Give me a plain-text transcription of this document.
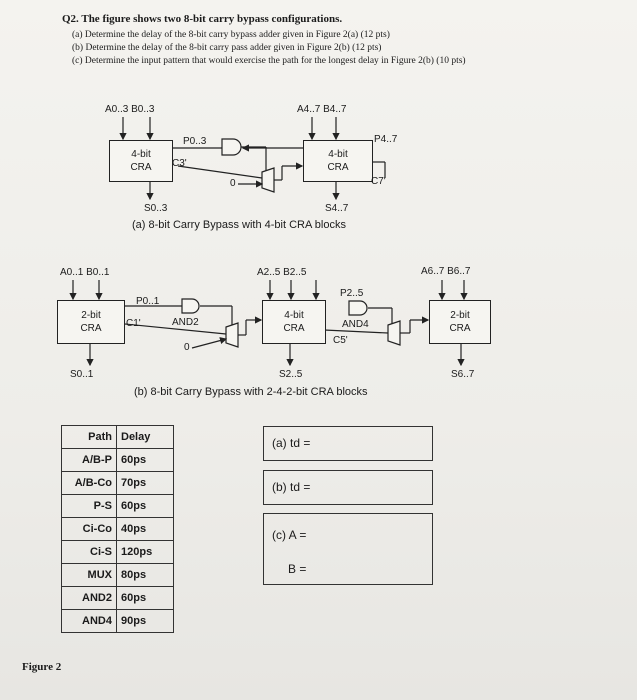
Q2. The figure shows two 8-bit carry bypass configurations.
(a) Determine the delay of the 8-bit carry bypass adder given in Figure 2(a) (12 pts)
(b) Determine the delay of the 8-bit carry pass adder given in Figure 2(b) (12 pts)
(c) Determine the input pattern that would exercise the path for the longest delay in Figure 2(b) (10 pts)
A0..3 B0..3	A4..7 B4..7
4-bit
CRA
4-bit
CRA
P0..3	P4..7
C3'
C7'
0
S0..3	S4..7
(a) 8-bit Carry Bypass with 4-bit CRA blocks
A0..1 B0..1	A2..5 B2..5	A6..7 B6..7
2-bit
CRA
4-bit
CRA
2-bit
CRA
P0..1
P2..5
C1'
C5'
AND2	AND4
0
S0..1	S2..5	S6..7
(b) 8-bit Carry Bypass with 2-4-2-bit CRA blocks
Path	Delay
A/B-P	60ps
A/B-Co	70ps
P-S	60ps
Ci-Co	40ps
Ci-S	120ps
MUX	80ps
AND2	60ps
AND4	90ps
(a) td =
(b) td =
(c) A =
B =
Figure 2
